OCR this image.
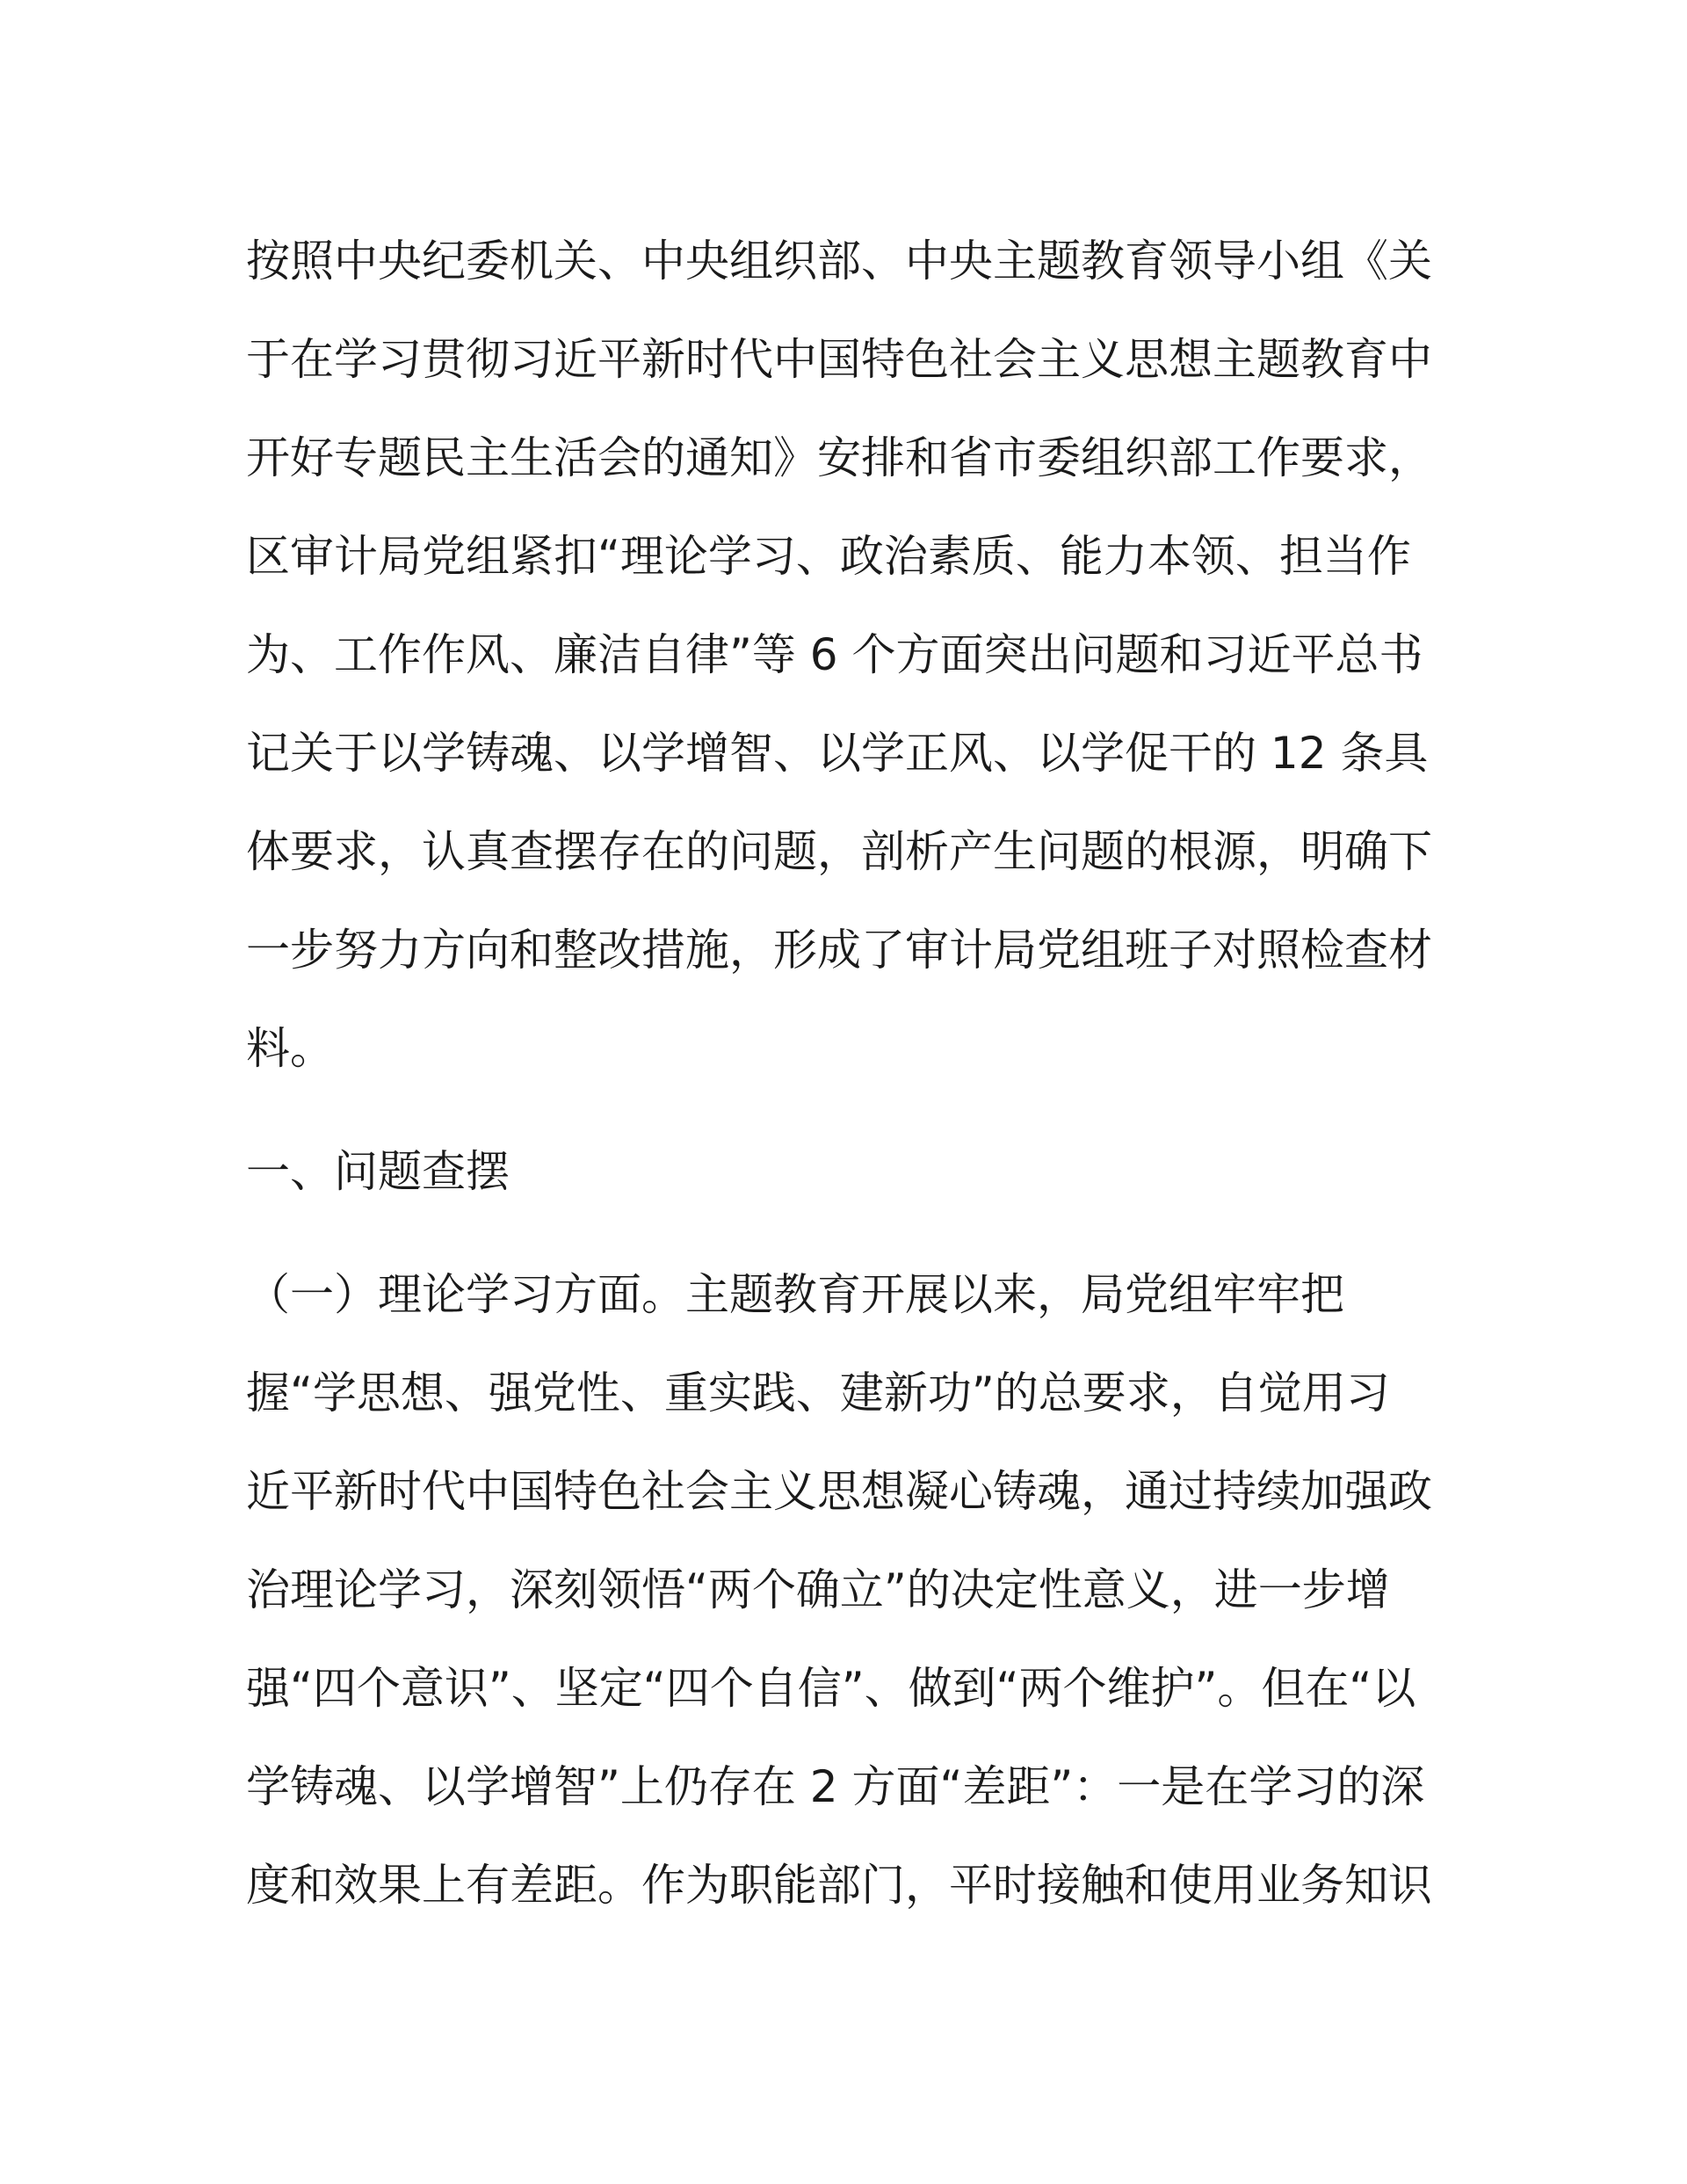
按照中央纪委机关、中央组织部、中央主题教育领导小组《关
于在学习贯彻习近平新时代中国特色社会主义思想主题教育中
开好专题民主生活会的通知》安排和省市委组织部工作要求，
区审计局党组紧扣“理论学习、政治素质、能力本领、担当作
为、工作作风、廉洁自律”等 6 个方面突出问题和习近平总书
记关于以学铸魂、以学增智、以学正风、以学促干的 12 条具
体要求，认真查摆存在的问题，剖析产生问题的根源，明确下
一步努力方向和整改措施，形成了审计局党组班子对照检查材
料。
一、问题查摆
（一）理论学习方面。主题教育开展以来，局党组牢牢把
握“学思想、强党性、重实践、建新功”的总要求，自觉用习
近平新时代中国特色社会主义思想凝心铸魂，通过持续加强政
治理论学习，深刻领悟“两个确立”的决定性意义，进一步增
强“四个意识”、坚定“四个自信”、做到“两个维护”。但在“以
学铸魂、以学增智”上仍存在 2 方面“差距”：一是在学习的深
度和效果上有差距。作为职能部门，平时接触和使用业务知识
